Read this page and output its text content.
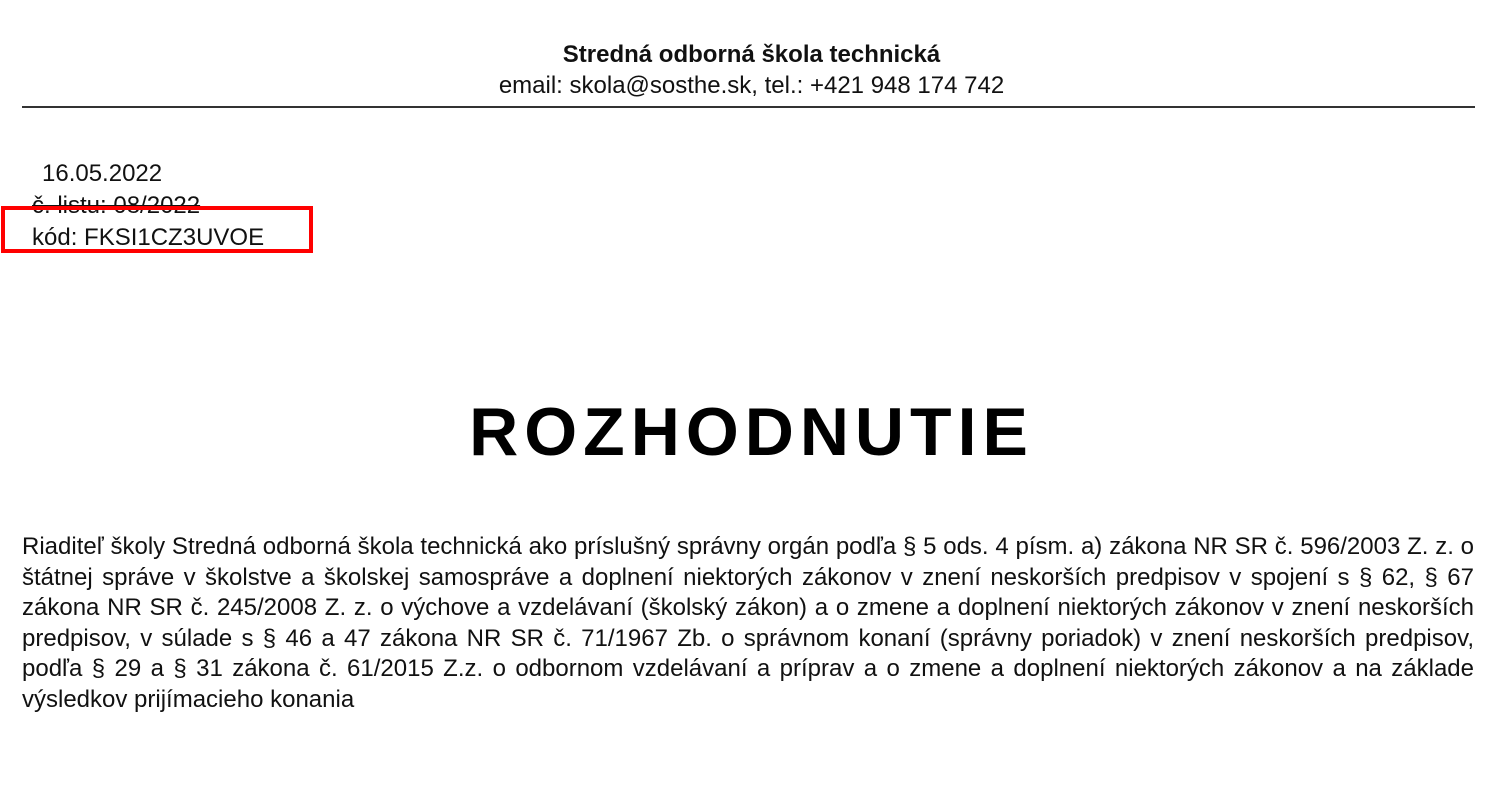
Stredná odborná škola technická
email: skola@sosthe.sk, tel.: +421 948 174 742
16.05.2022
č. listu: 08/2022
kód: FKSI1CZ3UVOE
ROZHODNUTIE
Riaditeľ školy Stredná odborná škola technická ako príslušný správny orgán podľa § 5 ods. 4 písm. a) zákona NR SR č. 596/2003 Z. z. o štátnej správe v školstve a školskej samospráve a doplnení niektorých zákonov v znení neskorších predpisov v spojení s § 62, § 67 zákona NR SR č. 245/2008 Z. z. o výchove a vzdelávaní (školský zákon) a o zmene a doplnení niektorých zákonov v znení neskorších predpisov, v súlade s § 46 a 47 zákona NR SR č. 71/1967 Zb. o správnom konaní (správny poriadok) v znení neskorších predpisov, podľa § 29 a § 31 zákona č. 61/2015 Z.z. o odbornom vzdelávaní a príprav a o zmene a doplnení niektorých zákonov a na základe výsledkov prijímacieho konania
